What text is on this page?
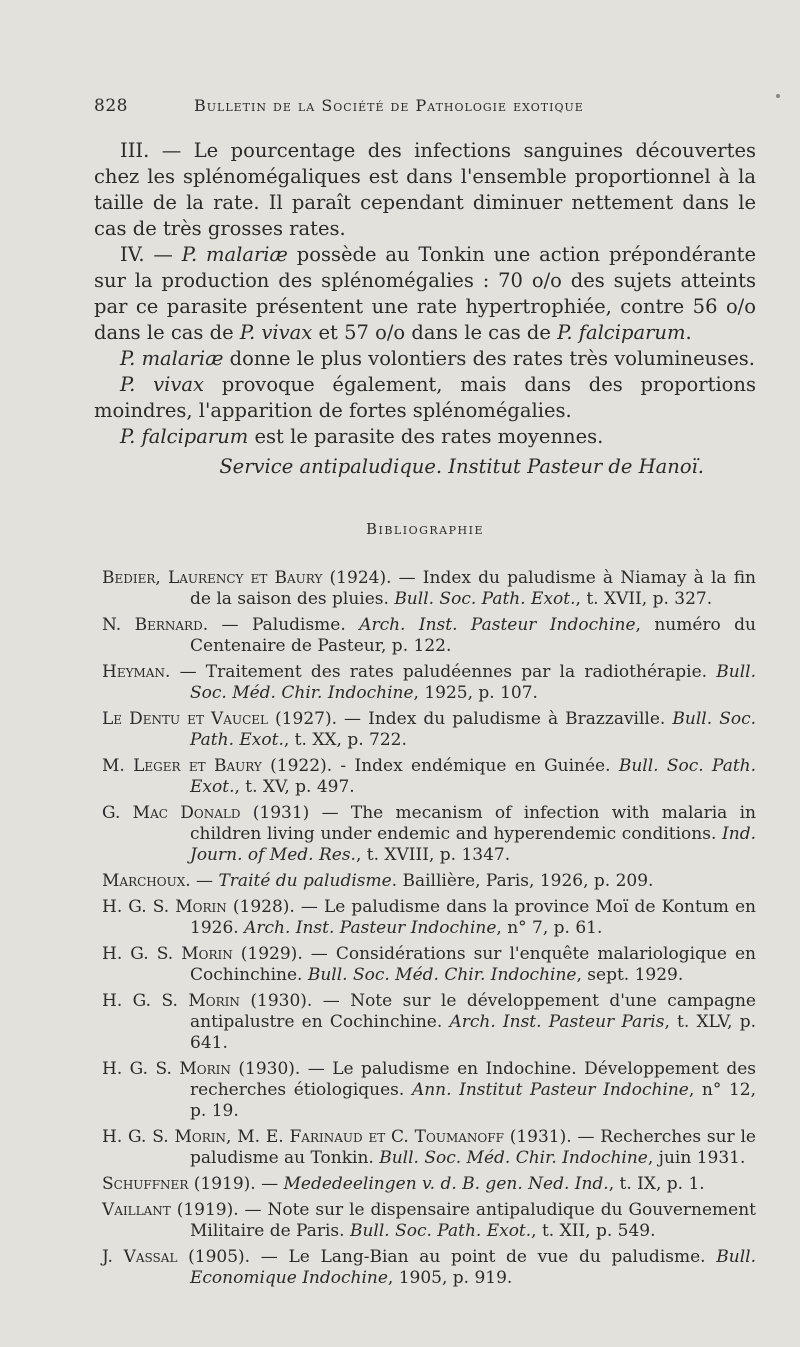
828	Bulletin de la Société de Pathologie exotique

III. — Le pourcentage des infections sanguines découvertes chez les splénomégaliques est dans l'ensemble proportionnel à la taille de la rate. Il paraît cependant diminuer nettement dans le cas de très grosses rates.

IV. — P. malariæ possède au Tonkin une action prépondérante sur la production des splénomégalies : 70 o/o des sujets atteints par ce parasite présentent une rate hypertrophiée, contre 56 o/o dans le cas de P. vivax et 57 o/o dans le cas de P. falciparum.

P. malariæ donne le plus volontiers des rates très volumineuses.

P. vivax provoque également, mais dans des proportions moindres, l'apparition de fortes splénomégalies.

P. falciparum est le parasite des rates moyennes.

Service antipaludique. Institut Pasteur de Hanoï.
Bibliographie
Bedier, Laurency et Baury (1924). — Index du paludisme à Niamay à la fin de la saison des pluies. Bull. Soc. Path. Exot., t. XVII, p. 327.
N. Bernard. — Paludisme. Arch. Inst. Pasteur Indochine, numéro du Centenaire de Pasteur, p. 122.
Heyman. — Traitement des rates paludéennes par la radiothérapie. Bull. Soc. Méd. Chir. Indochine, 1925, p. 107.
Le Dentu et Vaucel (1927). — Index du paludisme à Brazzaville. Bull. Soc. Path. Exot., t. XX, p. 722.
M. Leger et Baury (1922). - Index endémique en Guinée. Bull. Soc. Path. Exot., t. XV, p. 497.
G. Mac Donald (1931) — The mecanism of infection with malaria in children living under endemic and hyperendemic conditions. Ind. Journ. of Med. Res., t. XVIII, p. 1347.
Marchoux. — Traité du paludisme. Baillière, Paris, 1926, p. 209.
H. G. S. Morin (1928). — Le paludisme dans la province Moï de Kontum en 1926. Arch. Inst. Pasteur Indochine, n° 7, p. 61.
H. G. S. Morin (1929). — Considérations sur l'enquête malariologique en Cochinchine. Bull. Soc. Méd. Chir. Indochine, sept. 1929.
H. G. S. Morin (1930). — Note sur le développement d'une campagne antipalustre en Cochinchine. Arch. Inst. Pasteur Paris, t. XLV, p. 641.
H. G. S. Morin (1930). — Le paludisme en Indochine. Développement des recherches étiologiques. Ann. Institut Pasteur Indochine, n° 12, p. 19.
H. G. S. Morin, M. E. Farinaud et C. Toumanoff (1931). — Recherches sur le paludisme au Tonkin. Bull. Soc. Méd. Chir. Indochine, juin 1931.
Schuffner (1919). — Mededeelingen v. d. B. gen. Ned. Ind., t. IX, p. 1.
Vaillant (1919). — Note sur le dispensaire antipaludique du Gouvernement Militaire de Paris. Bull. Soc. Path. Exot., t. XII, p. 549.
J. Vassal (1905). — Le Lang-Bian au point de vue du paludisme. Bull. Economique Indochine, 1905, p. 919.
